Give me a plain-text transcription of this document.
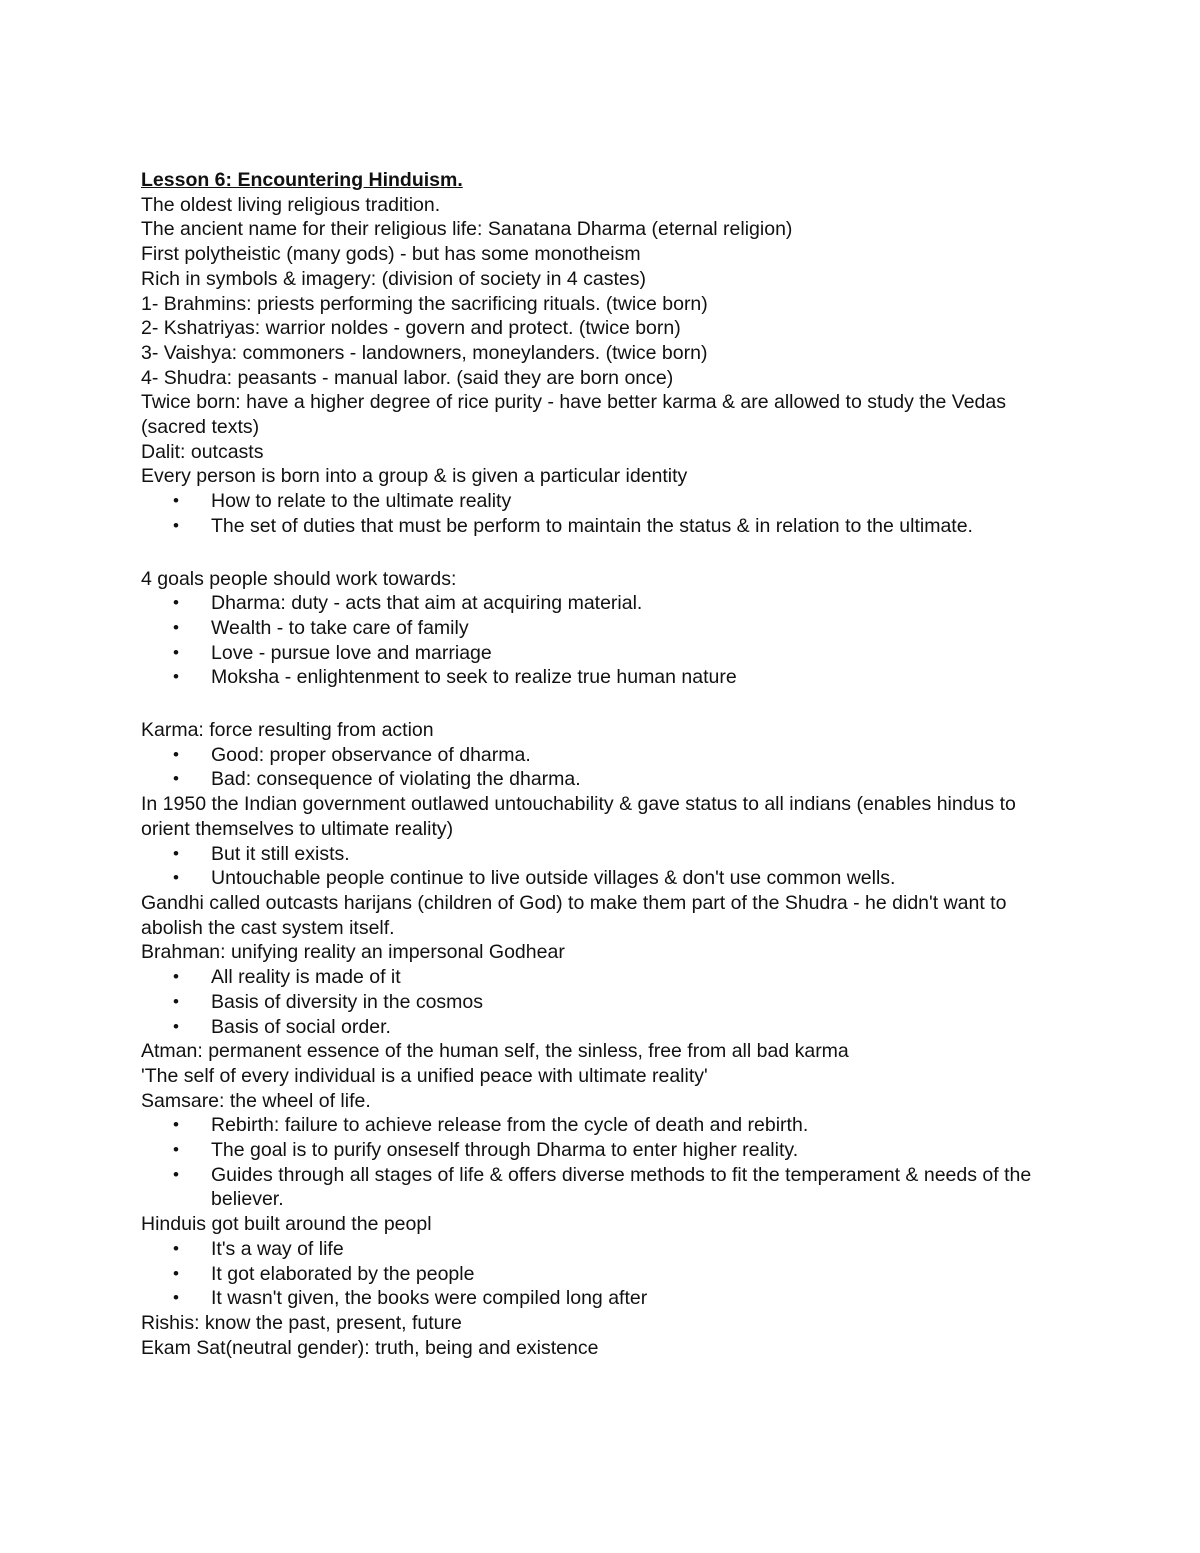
Lesson 6: Encountering Hinduism.
The oldest living religious tradition.
The ancient name for their religious life: Sanatana Dharma (eternal religion)
First polytheistic (many gods) - but has some monotheism
Rich in symbols & imagery: (division of society in 4 castes)
1- Brahmins: priests performing the sacrificing rituals. (twice born)
2- Kshatriyas: warrior noldes - govern and protect. (twice born)
3- Vaishya: commoners - landowners, moneylanders. (twice born)
4- Shudra: peasants - manual labor. (said they are born once)
Twice born: have a higher degree of rice purity - have better karma & are allowed to study the Vedas (sacred texts)
Dalit: outcasts
Every person is born into a group & is given a particular identity
• How to relate to the ultimate reality
• The set of duties that must be perform to maintain the status & in relation to the ultimate.
4 goals people should work towards:
• Dharma: duty - acts that aim at acquiring material.
• Wealth - to take care of family
• Love - pursue love and marriage
• Moksha - enlightenment to seek to realize true human nature
Karma: force resulting from action
• Good: proper observance of dharma.
• Bad: consequence of violating the dharma.
In 1950 the Indian government outlawed untouchability & gave status to all indians (enables hindus to orient themselves to ultimate reality)
• But it still exists.
• Untouchable people continue to live outside villages & don't use common wells.
Gandhi called outcasts harijans (children of God) to make them part of the Shudra - he didn't want to abolish the cast system itself.
Brahman: unifying reality an impersonal Godhear
• All reality is made of it
• Basis of diversity in the cosmos
• Basis of social order.
Atman: permanent essence of the human self, the sinless, free from all bad karma
'The self of every individual is a unified peace with ultimate reality'
Samsare: the wheel of life.
• Rebirth: failure to achieve release from the cycle of death and rebirth.
• The goal is to purify onseself through Dharma to enter higher reality.
• Guides through all stages of life & offers diverse methods to fit the temperament & needs of the believer.
Hinduis got built around the peopl
• It's a way of life
• It got elaborated by the people
• It wasn't given, the books were compiled long after
Rishis: know the past, present, future
Ekam Sat(neutral gender): truth, being and existence
